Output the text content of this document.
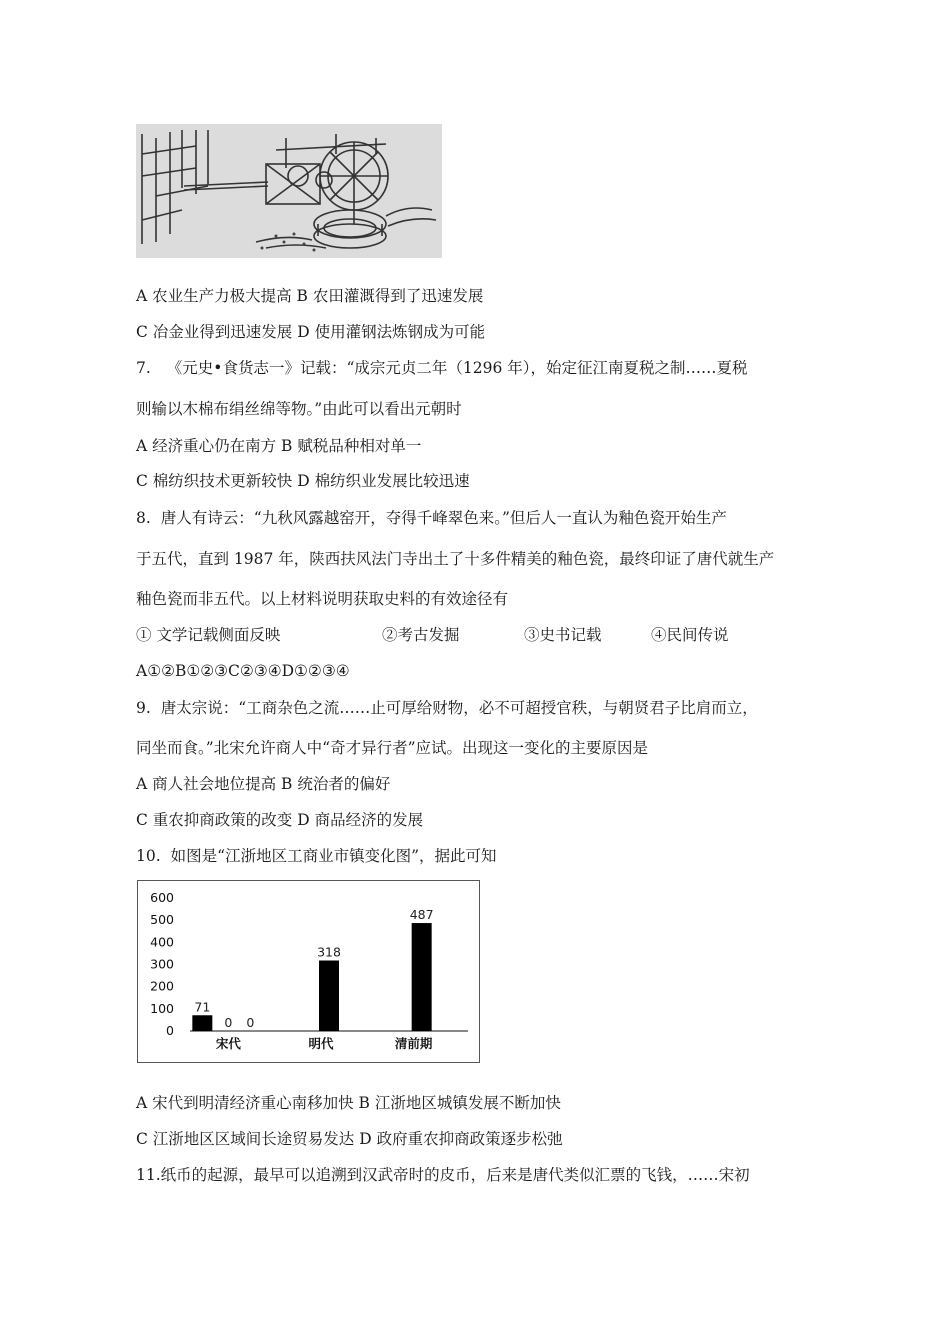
A 农业生产力极大提高 B 农田灌溉得到了迅速发展
C 冶金业得到迅速发展 D 使用灌钢法炼钢成为可能
7. 《元史•食货志一》记载：“成宗元贞二年（1296 年），始定征江南夏税之制……夏税
则输以木棉布绢丝绵等物。”由此可以看出元朝时
A 经济重心仍在南方 B 赋税品种相对单一
C 棉纺织技术更新较快 D 棉纺织业发展比较迅速
8. 唐人有诗云：“九秋风露越窑开，夺得千峰翠色来。”但后人一直认为釉色瓷开始生产
于五代，直到 1987 年，陕西扶风法门寺出土了十多件精美的釉色瓷，最终印证了唐代就生产
釉色瓷而非五代。以上材料说明获取史料的有效途径有
① 文学记载侧面反映	②考古发掘	③史书记载	④民间传说
A①②B①②③C②③④D①②③④
9. 唐太宗说：“工商杂色之流……止可厚给财物，必不可超授官秩，与朝贤君子比肩而立，
同坐而食。”北宋允许商人中“奇才异行者”应试。出现这一变化的主要原因是
A 商人社会地位提高 B 统治者的偏好
C 重农抑商政策的改变 D 商品经济的发展
10. 如图是“江浙地区工商业市镇变化图”，据此可知
0
100
200
300
400
500
600
71
0 0
宋代
318
明代
487
清前期
A 宋代到明清经济重心南移加快 B 江浙地区城镇发展不断加快
C 江浙地区区域间长途贸易发达 D 政府重农抑商政策逐步松弛
11.纸币的起源，最早可以追溯到汉武帝时的皮币，后来是唐代类似汇票的飞钱，……宋初
